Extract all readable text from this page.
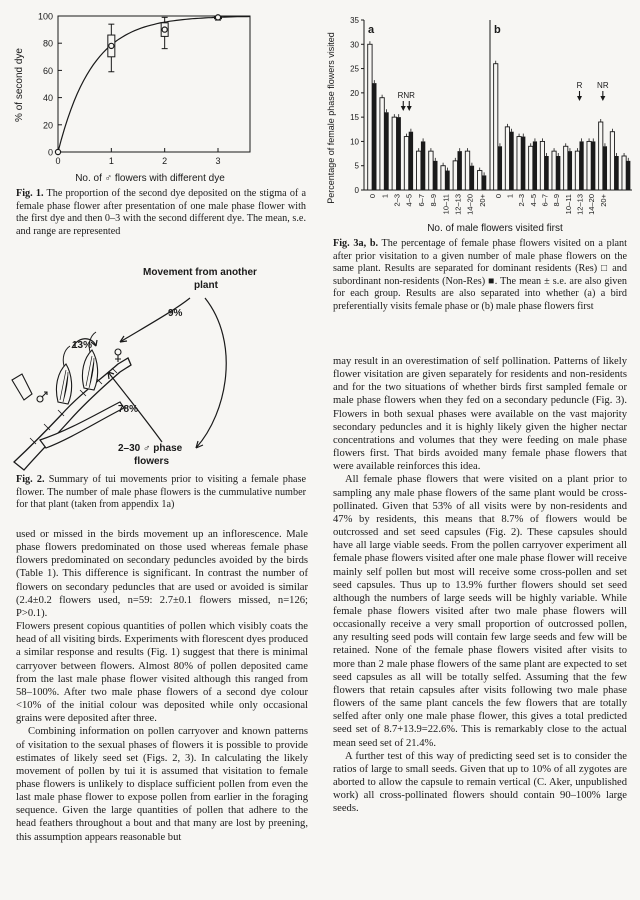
0
20
40
60
80
100
0	1	2	3
% of second dye
No. of ♂ flowers with different dye
Fig. 1. The proportion of the second dye deposited on the stigma of a female phase flower after presentation of one male phase flower with the first dye and then 0–3 with the second different dye. The mean, s.e. and range are represented
Movement from another
plant
9%
13%
78%
2–30 ♂ phase
flowers
Fig. 2. Summary of tui movements prior to visiting a female phase flower. The number of male phase flowers is the cummulative number for that plant (taken from appendix 1a)
0
5
10
15
20
25
30
35
a
0 1 2–3 4–5 6–7 8–9 10–11 12–13 14–20 20+
b
0 1 2–3 4–5 6–7 8–9 10–11 12–13 14–20 20+
RNR
R NR
Percentage of female phase flowers visited
No. of male flowers visited first
Fig. 3a, b. The percentage of female phase flowers visited on a plant after prior visitation to a given number of male phase flowers on the same plant. Results are separated for dominant residents (Res) □ and subordinant non-residents (Non-Res) ■. The mean ± s.e. are also given for each group. Results are also separated into whether (a) a bird preferentially visits female phase or (b) male phase flowers first

used or missed in the birds movement up an inflorescence. Male phase flowers predominated on those used whereas female phase flowers predominated on secondary peduncles avoided by the birds (Table 1). This difference is significant. In contrast the number of flowers on secondary peduncles that are used or avoided is similar (2.4±0.2 flowers used, n=59: 2.7±0.1 flowers missed, n=126; P>0.1).

Flowers present copious quantities of pollen which visibly coats the head of all visiting birds. Experiments with florescent dyes produced a similar response and results (Fig. 1) suggest that there is minimal carryover between flowers. Almost 80% of pollen deposited came from the last male phase flower visited although this ranged from 58–100%. After two male phase flowers of a second dye colour <10% of the initial colour was deposited while only occasional grains were deposited after three.

Combining information on pollen carryover and known patterns of visitation to the sexual phases of flowers it is possible to provide estimates of likely seed set (Figs. 2, 3). In calculating the likely movement of pollen by tui it is assumed that visitation to female phase flowers is unlikely to displace sufficient pollen from even the last male phase flower to expose pollen from earlier in the foraging sequence. Given the large quantities of pollen that adhere to the head feathers throughout a bout and that many are lost by preening, this assumption appears reasonable but

may result in an overestimation of self pollination. Patterns of likely flower visitation are given separately for residents and non-residents and for the two situations of whether birds first sampled female or male phase flowers when they fed on a secondary peduncle (Fig. 3). Flowers in both sexual phases were available on the vast majority secondary peduncles and it is highly likely given the higher nectar concentrations and volumes that they were feeding on male phase flowers first. That birds avoided many female phase flowers that were available reinforces this idea.

All female phase flowers that were visited on a plant prior to sampling any male phase flowers of the same plant would be cross-pollinated. Given that 53% of all visits were by non-residents and 47% by residents, this means that 8.7% of flowers would be outcrossed and set seed capsules (Fig. 2). These capsules should have all large viable seeds. From the pollen carryover experiment all female phase flowers visited after one male phase flower will receive mainly self pollen but most will receive some cross-pollen and set seed capsules. Thus up to 13.9% further flowers should set seed although the numbers of large seeds will be highly variable. While female phase flowers visited after two male phase flowers will occasionally receive a very small proportion of outcrossed pollen, any resulting seed pods will contain few large seeds and few will be retained. None of the female phase flowers visited after visits to more than 2 male phase flowers of the same plant are expected to set seed capsules as all will be totally selfed. Assuming that the few flowers that retain capsules after visits following two male phase flowers of the same plant cancels the few flowers that are totally selfed after only one male phase flower, this gives a total predicted seed set of 8.7+13.9=22.6%. This is remarkably close to the actual mean seed set of 21.4%.

A further test of this way of predicting seed set is to consider the ratios of large to small seeds. Given that up to 10% of all zygotes are aborted to allow the capsule to remain vertical (C. Aker, unpublished work) all cross-pollinated flowers should contain 90–100% large seeds.
